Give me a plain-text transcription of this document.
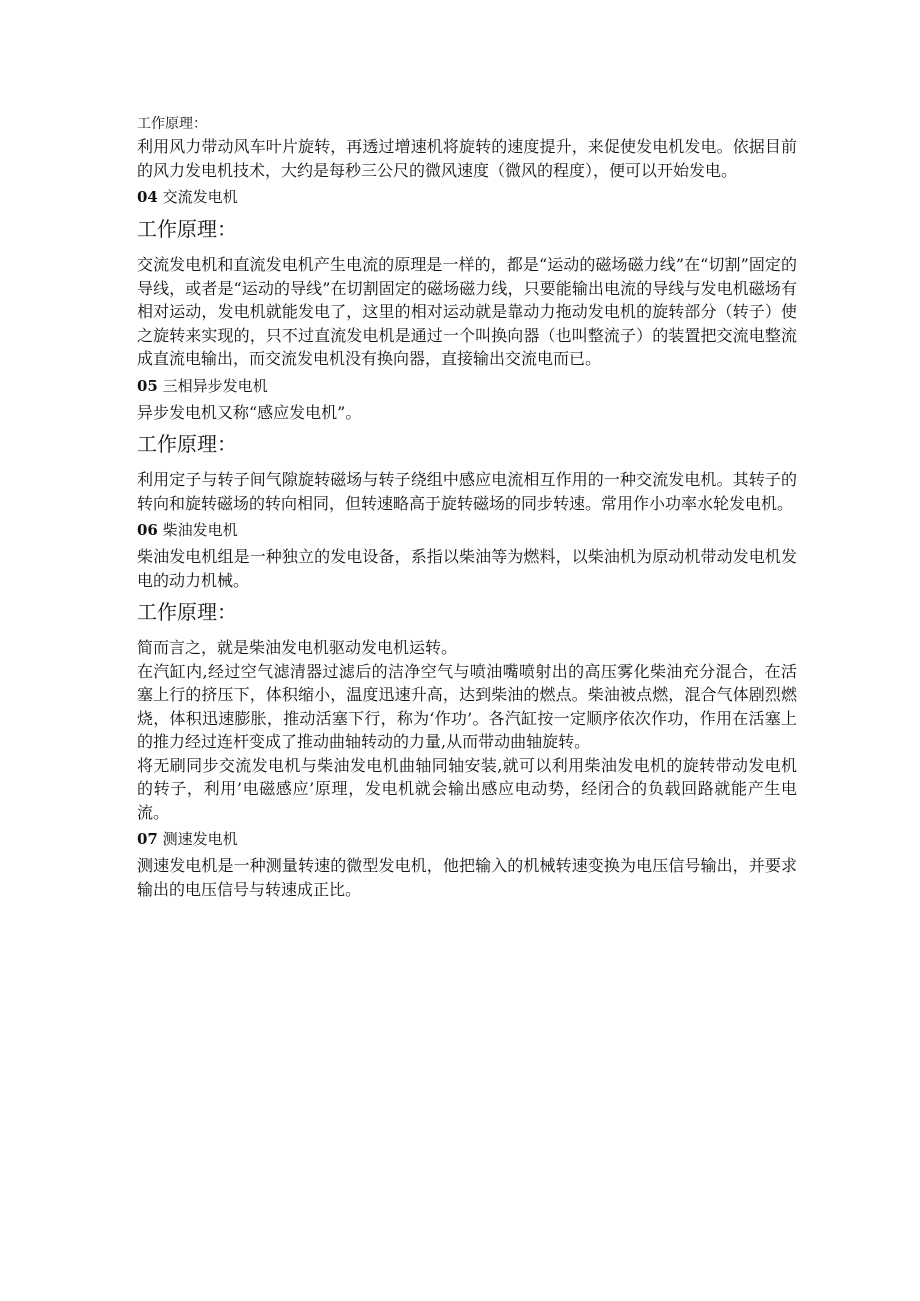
工作原理：

利用风力带动风车叶片旋转，再透过增速机将旋转的速度提升，来促使发电机发电。依据目前的风力发电机技术，大约是每秒三公尺的微风速度（微风的程度），便可以开始发电。

04 交流发电机
工作原理：

交流发电机和直流发电机产生电流的原理是一样的，都是“运动的磁场磁力线”在“切割”固定的导线，或者是“运动的导线”在切割固定的磁场磁力线，只要能输出电流的导线与发电机磁场有相对运动，发电机就能发电了，这里的相对运动就是靠动力拖动发电机的旋转部分（转子）使之旋转来实现的，只不过直流发电机是通过一个叫换向器（也叫整流子）的装置把交流电整流成直流电输出，而交流发电机没有换向器，直接输出交流电而已。

05 三相异步发电机

异步发电机又称“感应发电机”。

工作原理：

利用定子与转子间气隙旋转磁场与转子绕组中感应电流相互作用的一种交流发电机。其转子的转向和旋转磁场的转向相同，但转速略高于旋转磁场的同步转速。常用作小功率水轮发电机。

06 柴油发电机

柴油发电机组是一种独立的发电设备，系指以柴油等为燃料，以柴油机为原动机带动发电机发电的动力机械。

工作原理：

简而言之，就是柴油发电机驱动发电机运转。

在汽缸内,经过空气滤清器过滤后的洁净空气与喷油嘴喷射出的高压雾化柴油充分混合，在活塞上行的挤压下，体积缩小，温度迅速升高，达到柴油的燃点。柴油被点燃，混合气体剧烈燃烧，体积迅速膨胀，推动活塞下行，称为‘作功’。各汽缸按一定顺序依次作功，作用在活塞上的推力经过连杆变成了推动曲轴转动的力量,从而带动曲轴旋转。

将无刷同步交流发电机与柴油发电机曲轴同轴安装,就可以利用柴油发电机的旋转带动发电机的转子，利用’电磁感应’原理，发电机就会输出感应电动势，经闭合的负载回路就能产生电流。

07 测速发电机

测速发电机是一种测量转速的微型发电机，他把输入的机械转速变换为电压信号输出，并要求输出的电压信号与转速成正比。
